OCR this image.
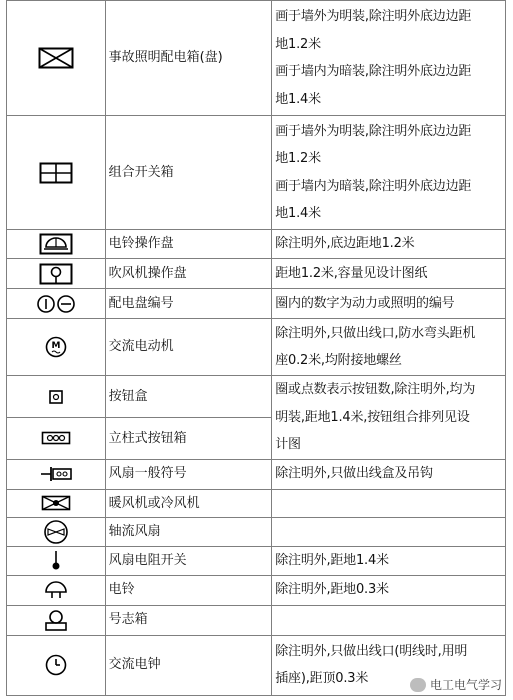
	事故照明配电箱(盘)	画于墙外为明装,除注明外底边边距
地1.2米
画于墙内为暗装,除注明外底边边距
地1.4米

	组合开关箱	画于墙外为明装,除注明外底边边距
地1.2米
画于墙内为暗装,除注明外底边边距
地1.4米

	电铃操作盘	除注明外,底边距地1.2米

	吹风机操作盘	距地1.2米,容量见设计图纸

	配电盘编号	圈内的数字为动力或照明的编号

M	交流电动机	除注明外,只做出线口,防水弯头距机
座0.2米,均附接地螺丝

	按钮盒	圈或点数表示按钮数,除注明外,均为
明装,距地1.4米,按钮组合排列见设
计图

	立柱式按钮箱	

	风扇一般符号	除注明外,只做出线盒及吊钩

	暖风机或冷风机	

	轴流风扇	

	风扇电阻开关	除注明外,距地1.4米

	电铃	除注明外,距地0.3米

	号志箱	

	交流电钟	除注明外,只做出线口(明线时,用明
插座),距顶0.3米	电工电气学习
